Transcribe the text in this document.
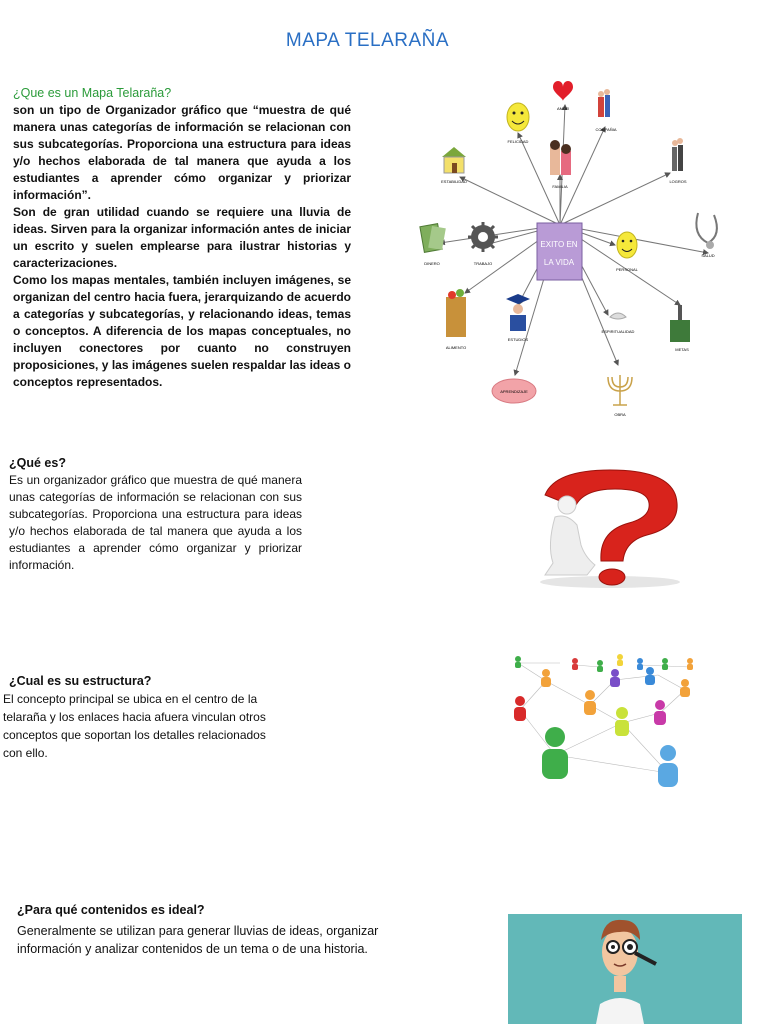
MAPA TELARAÑA
¿Que es un Mapa Telaraña?

son un tipo de Organizador gráfico que “muestra de qué manera unas categorías de información se relacionan con sus subcategorías. Proporciona una estructura para ideas y/o hechos elaborada de tal manera que ayuda a los estudiantes a aprender cómo organizar y priorizar información”.

Son de gran utilidad cuando se requiere una lluvia de ideas. Sirven para la organizar información antes de iniciar un escrito y suelen emplearse para ilustrar historias y caracterizaciones.

Como los mapas mentales, también incluyen imágenes, se organizan del centro hacia fuera, jerarquizando de acuerdo a categorías y subcategorías, y relacionando ideas, temas o conceptos. A diferencia de los mapas conceptuales, no incluyen conectores por cuanto no construyen proposiciones, y las imágenes suelen respaldar las ideas o conceptos representados.

EXITO EN
LA VIDA
AMOR
FELICIDAD
COMPAÑIA
FAMILIA
ESTABILIDAD	LOGROS
DINERO	TRABAJO
PERSONAL
SALUD
ALIMENTO
ESTUDIOS
ESPIRITUALIDAD
METAS
APRENDIZAJE
OBRA
¿Qué es?
Es un organizador gráfico que muestra de qué manera unas categorías de información se relacionan con sus subcategorías. Proporciona una estructura para ideas y/o hechos elaborada de tal manera que ayuda a los estudiantes a aprender cómo organizar y priorizar información.
¿Cual es su estructura?
El concepto principal se ubica en el centro de la telaraña y los enlaces hacia afuera vinculan otros conceptos que soportan los detalles relacionados con ello.
¿Para qué contenidos es ideal?
Generalmente se utilizan para generar lluvias de ideas, organizar información y analizar contenidos de un tema o de una historia.
